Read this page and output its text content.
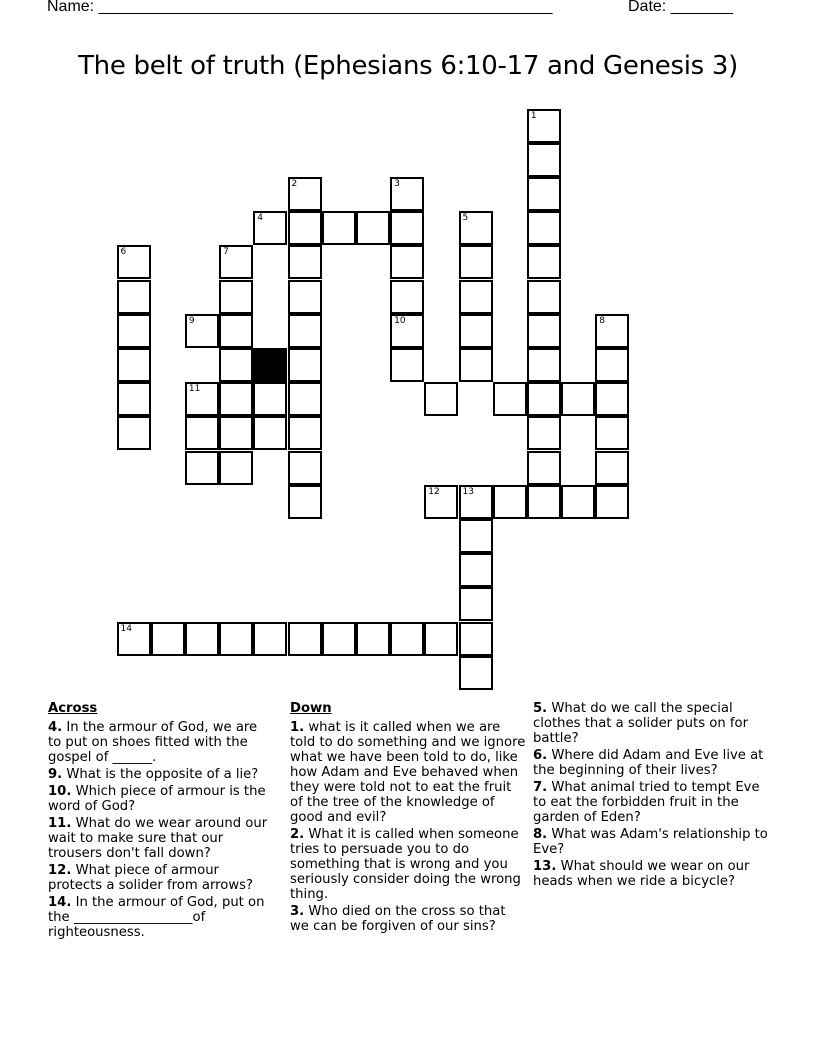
Name: ___________________________________________________	Date: _______
The belt of truth (Ephesians 6:10-17 and Genesis 3)
1
2	3
10
4	5
6	7
8
9
11
12	13
14
Across
4. In the armour of God, we are to put on shoes fitted with the gospel of ______.
9. What is the opposite of a lie?
10. Which piece of armour is the word of God?
11. What do we wear around our wait to make sure that our trousers don't fall down?
12. What piece of armour protects a solider from arrows?
14. In the armour of God, put on the __________________of righteousness.
Down
1. what is it called when we are told to do something and we ignore what we have been told to do, like how Adam and Eve behaved when they were told not to eat the fruit of the tree of the knowledge of good and evil?
2. What it is called when someone tries to persuade you to do something that is wrong and you seriously consider doing the wrong thing.
3. Who died on the cross so that we can be forgiven of our sins?
5. What do we call the special clothes that a solider puts on for battle?
6. Where did Adam and Eve live at the beginning of their lives?
7. What animal tried to tempt Eve to eat the forbidden fruit in the garden of Eden?
8. What was Adam's relationship to Eve?
13. What should we wear on our heads when we ride a bicycle?
